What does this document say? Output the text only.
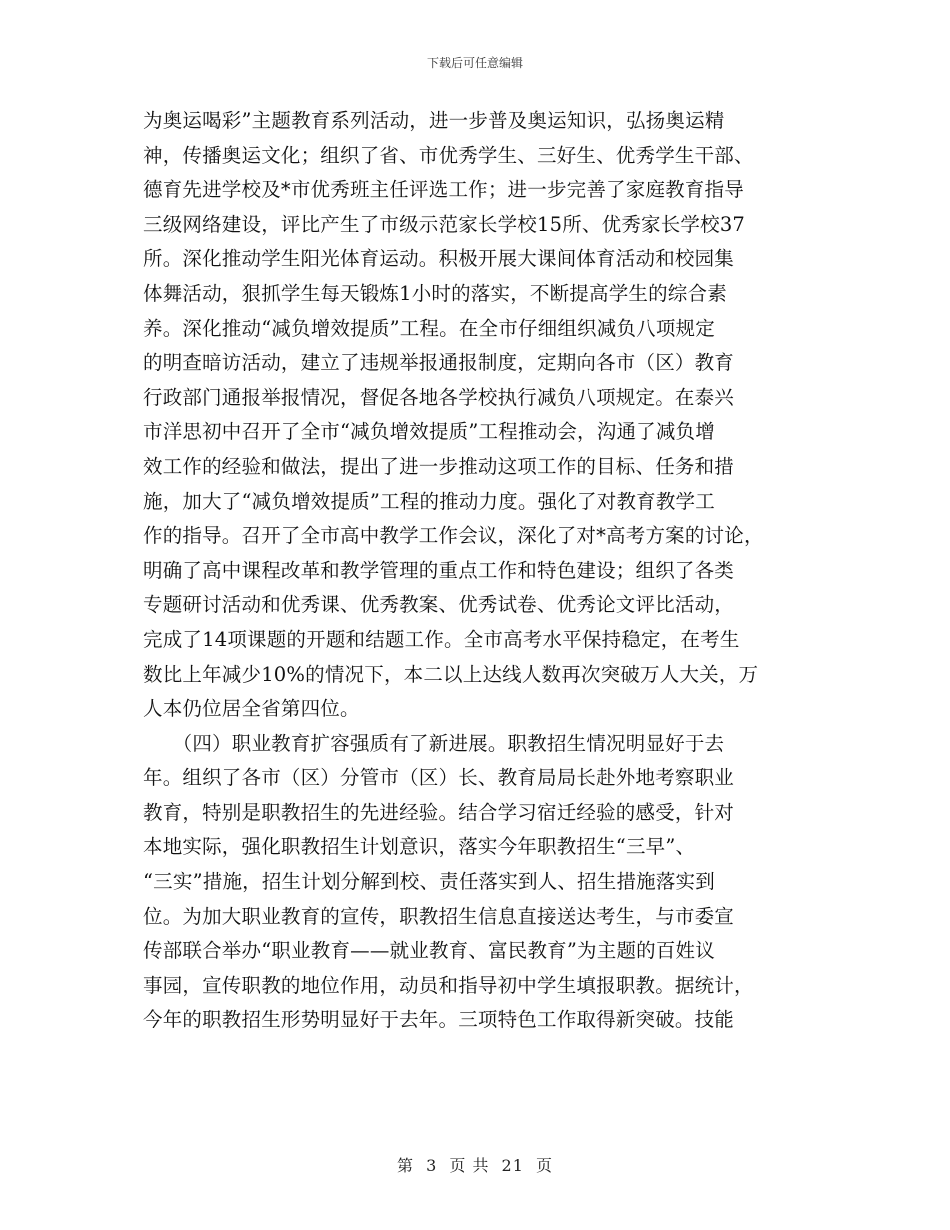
下载后可任意编辑
为奥运喝彩”主题教育系列活动，进一步普及奥运知识，弘扬奥运精
神，传播奥运文化；组织了省、市优秀学生、三好生、优秀学生干部、
德育先进学校及*市优秀班主任评选工作；进一步完善了家庭教育指导
三级网络建设，评比产生了市级示范家长学校15所、优秀家长学校37
所。深化推动学生阳光体育运动。积极开展大课间体育活动和校园集
体舞活动，狠抓学生每天锻炼1小时的落实，不断提高学生的综合素
养。深化推动“减负增效提质”工程。在全市仔细组织减负八项规定
的明查暗访活动，建立了违规举报通报制度，定期向各市（区）教育
行政部门通报举报情况，督促各地各学校执行减负八项规定。在泰兴
市洋思初中召开了全市“减负增效提质”工程推动会，沟通了减负增
效工作的经验和做法，提出了进一步推动这项工作的目标、任务和措
施，加大了“减负增效提质”工程的推动力度。强化了对教育教学工
作的指导。召开了全市高中教学工作会议，深化了对*高考方案的讨论，
明确了高中课程改革和教学管理的重点工作和特色建设；组织了各类
专题研讨活动和优秀课、优秀教案、优秀试卷、优秀论文评比活动，
完成了14项课题的开题和结题工作。全市高考水平保持稳定，在考生
数比上年减少10%的情况下，本二以上达线人数再次突破万人大关，万
人本仍位居全省第四位。
　　（四）职业教育扩容强质有了新进展。职教招生情况明显好于去
年。组织了各市（区）分管市（区）长、教育局局长赴外地考察职业
教育，特别是职教招生的先进经验。结合学习宿迁经验的感受，针对
本地实际，强化职教招生计划意识，落实今年职教招生“三早”、
“三实”措施，招生计划分解到校、责任落实到人、招生措施落实到
位。为加大职业教育的宣传，职教招生信息直接送达考生，与市委宣
传部联合举办“职业教育——就业教育、富民教育”为主题的百姓议
事园，宣传职教的地位作用，动员和指导初中学生填报职教。据统计，
今年的职教招生形势明显好于去年。三项特色工作取得新突破。技能
第 3 页 共 21 页
